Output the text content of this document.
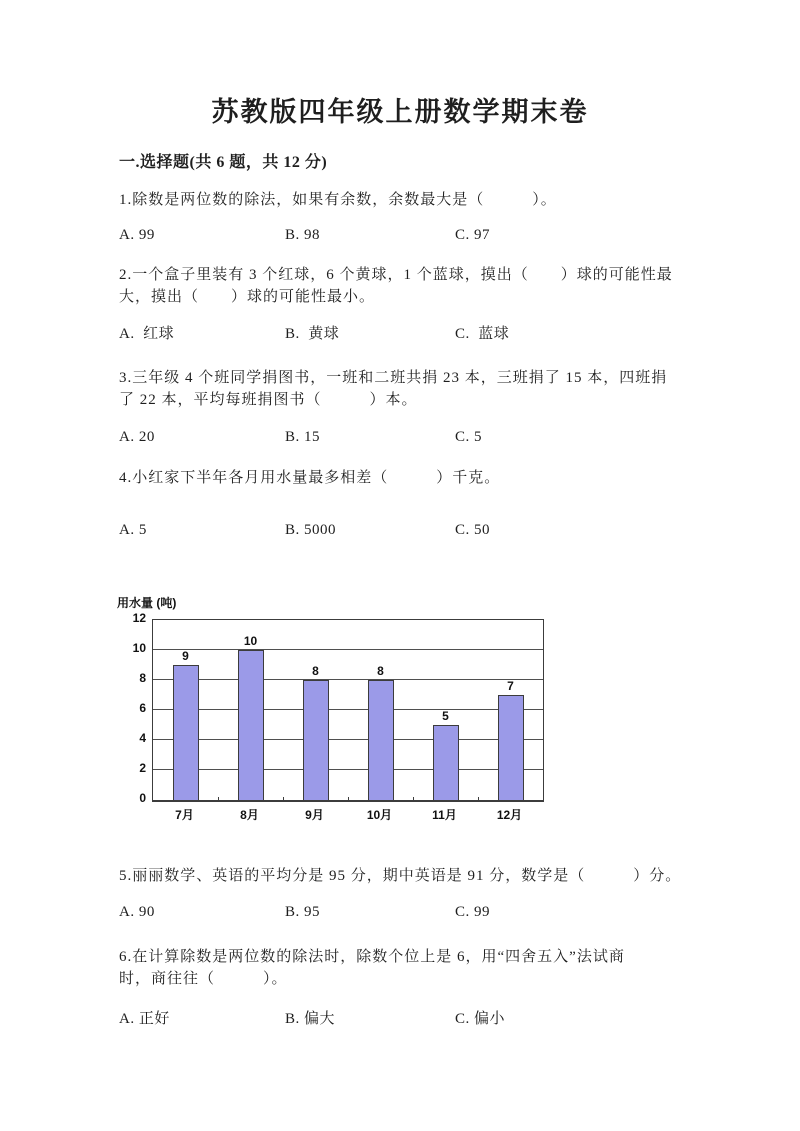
苏教版四年级上册数学期末卷
一.选择题(共 6 题，共 12 分)
1.除数是两位数的除法，如果有余数，余数最大是（　　　）。
A. 99	B. 98	C. 97
2.一个盒子里装有 3 个红球，6 个黄球，1 个蓝球，摸出（　　）球的可能性最
大，摸出（　　）球的可能性最小。
A.  红球	B.  黄球	C.  蓝球
3.三年级 4 个班同学捐图书，一班和二班共捐 23 本，三班捐了 15 本，四班捐
了 22 本，平均每班捐图书（　　　）本。
A. 20	B. 15	C. 5
4.小红家下半年各月用水量最多相差（　　　）千克。
A. 5	B. 5000	C. 50
用水量 (吨)
0
2
4
6
8
10
12
9
10
8	8
5
7
7月	8月	9月	10月	11月	12月
5.丽丽数学、英语的平均分是 95 分，期中英语是 91 分，数学是（　　　）分。
A. 90	B. 95	C. 99
6.在计算除数是两位数的除法时，除数个位上是 6，用“四舍五入”法试商
时，商往往（　　　）。
A. 正好	B. 偏大	C. 偏小
